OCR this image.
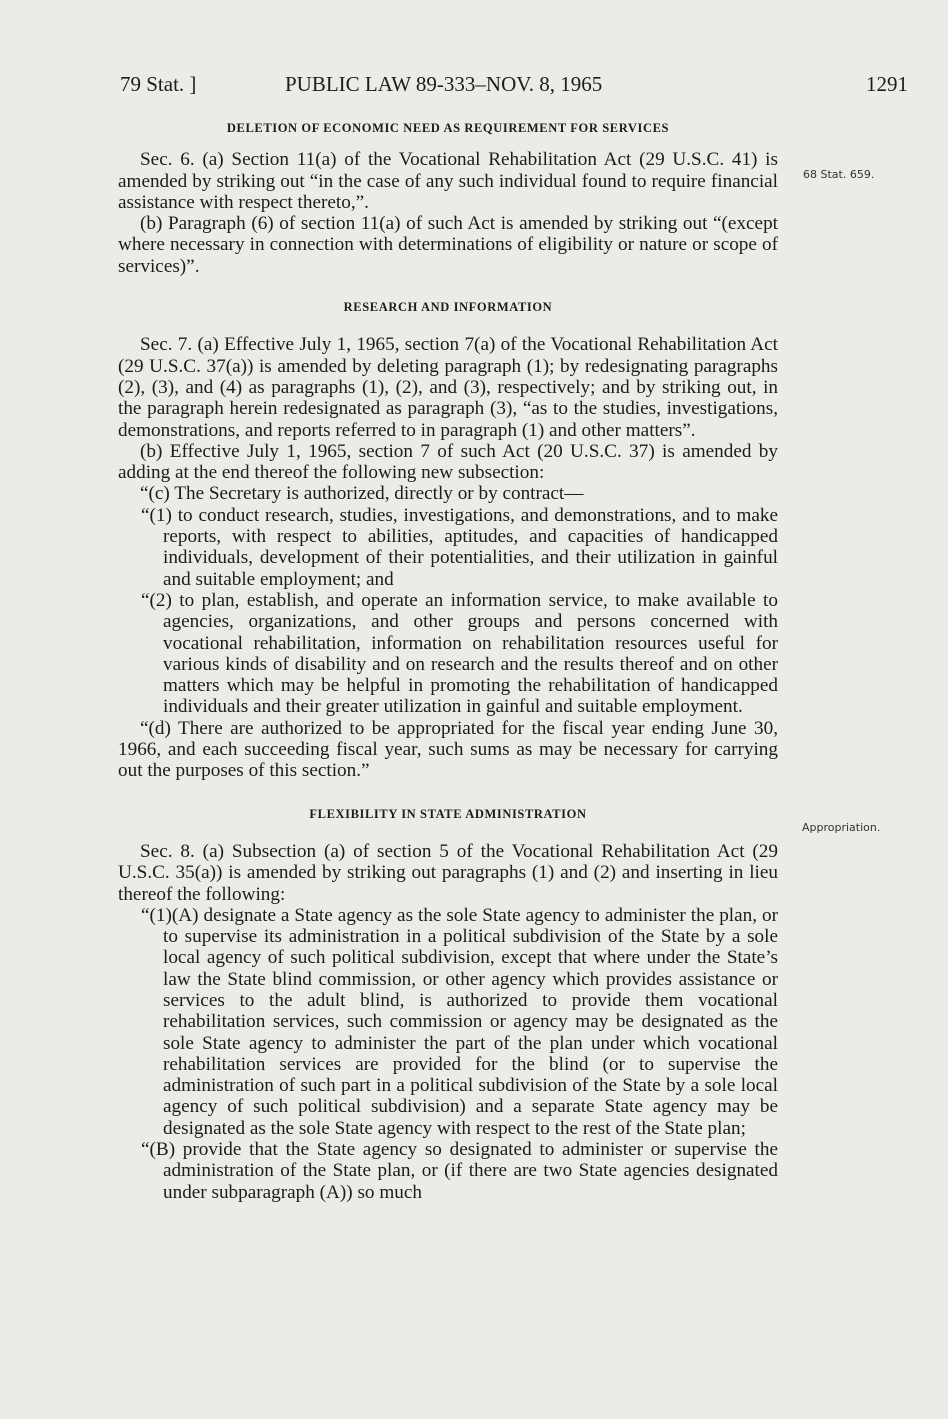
79 Stat. ]	PUBLIC LAW 89-333–NOV. 8, 1965	1291

DELETION OF ECONOMIC NEED AS REQUIREMENT FOR SERVICES

Sec. 6. (a) Section 11(a) of the Vocational Rehabilitation Act (29 U.S.C. 41) is amended by striking out “in the case of any such individual found to require financial assistance with respect thereto,”.

(b) Paragraph (6) of section 11(a) of such Act is amended by striking out “(except where necessary in connection with determinations of eligibility or nature or scope of services)”.

RESEARCH AND INFORMATION

Sec. 7. (a) Effective July 1, 1965, section 7(a) of the Vocational Rehabilitation Act (29 U.S.C. 37(a)) is amended by deleting paragraph (1); by redesignating paragraphs (2), (3), and (4) as paragraphs (1), (2), and (3), respectively; and by striking out, in the paragraph herein redesignated as paragraph (3), “as to the studies, investigations, demonstrations, and reports referred to in paragraph (1) and other matters”.

(b) Effective July 1, 1965, section 7 of such Act (20 U.S.C. 37) is amended by adding at the end thereof the following new subsection:

“(c) The Secretary is authorized, directly or by contract—

“(1) to conduct research, studies, investigations, and demonstrations, and to make reports, with respect to abilities, aptitudes, and capacities of handicapped individuals, development of their potentialities, and their utilization in gainful and suitable employment; and

“(2) to plan, establish, and operate an information service, to make available to agencies, organizations, and other groups and persons concerned with vocational rehabilitation, information on rehabilitation resources useful for various kinds of disability and on research and the results thereof and on other matters which may be helpful in promoting the rehabilitation of handicapped individuals and their greater utilization in gainful and suitable employment.

“(d) There are authorized to be appropriated for the fiscal year ending June 30, 1966, and each succeeding fiscal year, such sums as may be necessary for carrying out the purposes of this section.”

FLEXIBILITY IN STATE ADMINISTRATION

Sec. 8. (a) Subsection (a) of section 5 of the Vocational Rehabilitation Act (29 U.S.C. 35(a)) is amended by striking out paragraphs (1) and (2) and inserting in lieu thereof the following:

“(1)(A) designate a State agency as the sole State agency to administer the plan, or to supervise its administration in a political subdivision of the State by a sole local agency of such political subdivision, except that where under the State’s law the State blind commission, or other agency which provides assistance or services to the adult blind, is authorized to provide them vocational rehabilitation services, such commission or agency may be designated as the sole State agency to administer the part of the plan under which vocational rehabilitation services are provided for the blind (or to supervise the administration of such part in a political subdivision of the State by a sole local agency of such political subdivision) and a separate State agency may be designated as the sole State agency with respect to the rest of the State plan;

“(B) provide that the State agency so designated to administer or supervise the administration of the State plan, or (if there are two State agencies designated under subparagraph (A)) so much

68 Stat. 659.
Appropriation.
